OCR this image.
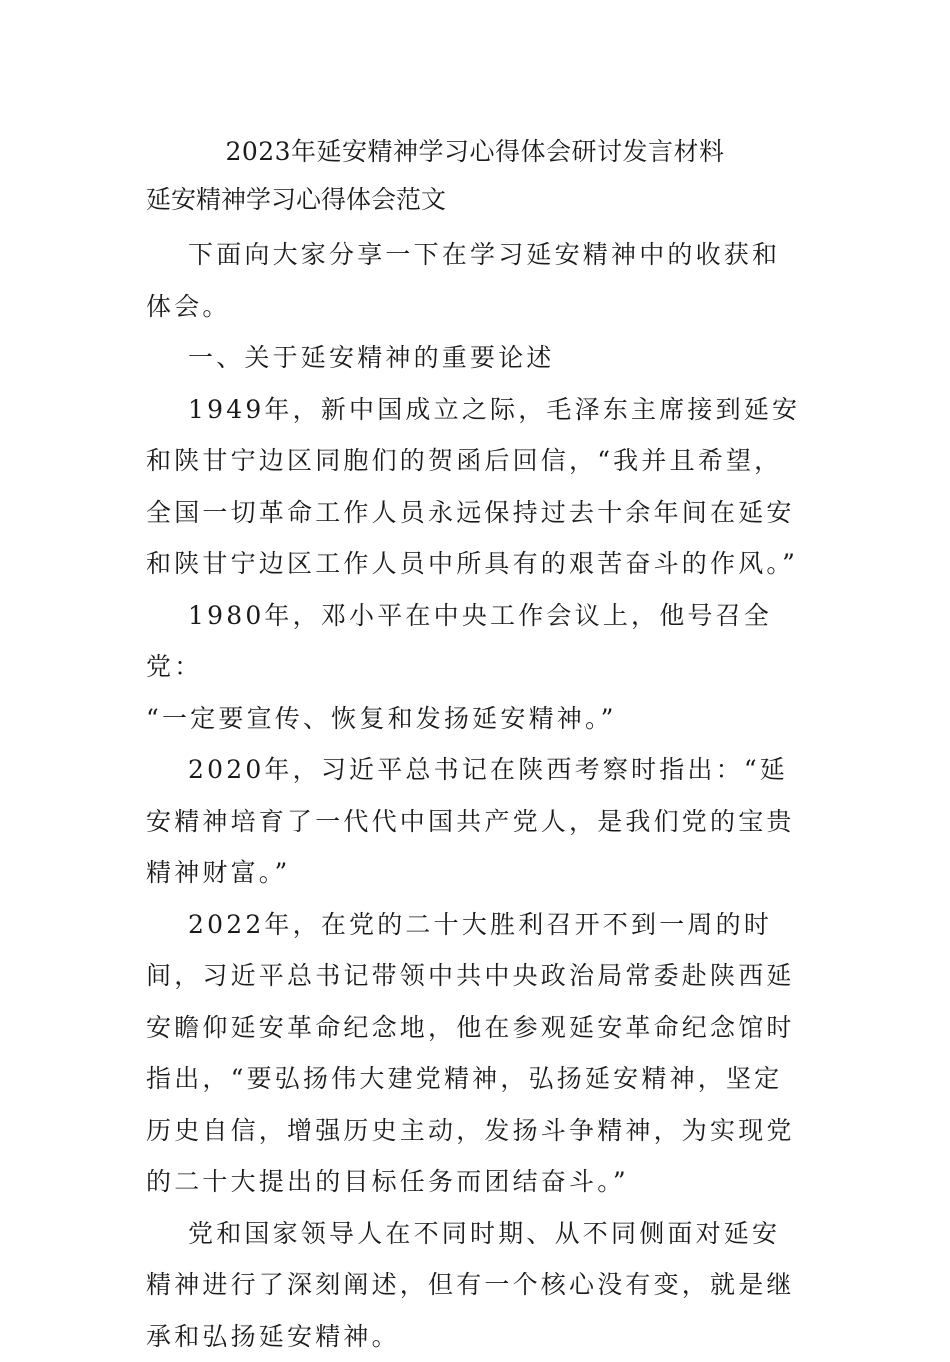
2023年延安精神学习心得体会研讨发言材料
延安精神学习心得体会范文

下面向大家分享一下在学习延安精神中的收获和体会。

一、关于延安精神的重要论述

1949年，新中国成立之际，毛泽东主席接到延安和陕甘宁边区同胞们的贺函后回信，“我并且希望，全国一切革命工作人员永远保持过去十余年间在延安和陕甘宁边区工作人员中所具有的艰苦奋斗的作风。”

1980年，邓小平在中央工作会议上，他号召全党：

“一定要宣传、恢复和发扬延安精神。”

2020年，习近平总书记在陕西考察时指出：“延安精神培育了一代代中国共产党人，是我们党的宝贵精神财富。”

2022年，在党的二十大胜利召开不到一周的时间，习近平总书记带领中共中央政治局常委赴陕西延安瞻仰延安革命纪念地，他在参观延安革命纪念馆时指出，“要弘扬伟大建党精神，弘扬延安精神，坚定历史自信，增强历史主动，发扬斗争精神，为实现党的二十大提出的目标任务而团结奋斗。”

党和国家领导人在不同时期、从不同侧面对延安精神进行了深刻阐述，但有一个核心没有变，就是继承和弘扬延安精神。
